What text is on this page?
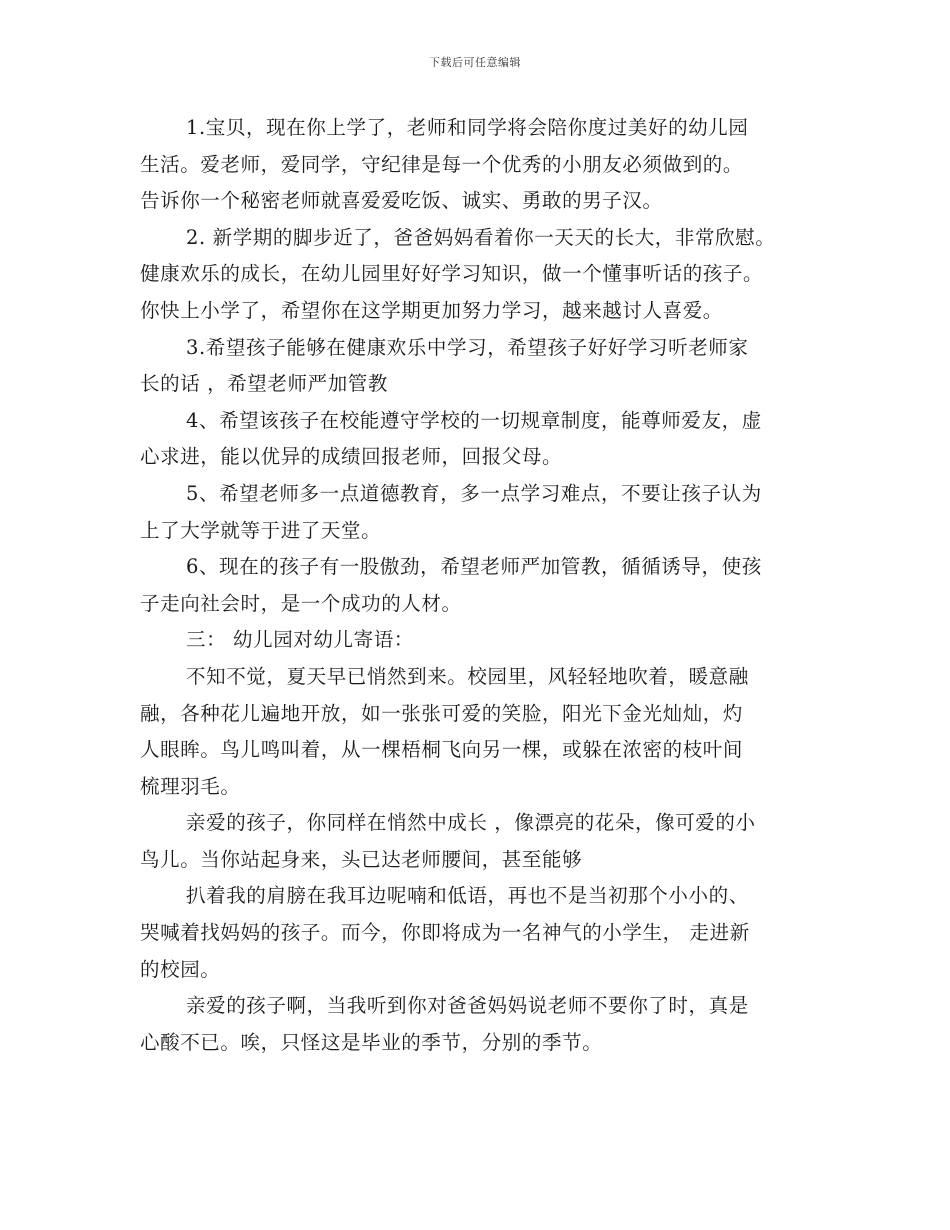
下载后可任意编辑
1.宝贝，现在你上学了，老师和同学将会陪你度过美好的幼儿园
生活。爱老师，爱同学，守纪律是每一个优秀的小朋友必须做到的。
告诉你一个秘密老师就喜爱爱吃饭、诚实、勇敢的男子汉。
2. 新学期的脚步近了，爸爸妈妈看着你一天天的长大，非常欣慰。
健康欢乐的成长，在幼儿园里好好学习知识，做一个懂事听话的孩子。
你快上小学了，希望你在这学期更加努力学习，越来越讨人喜爱。
3.希望孩子能够在健康欢乐中学习，希望孩子好好学习听老师家
长的话 ，希望老师严加管教
4、希望该孩子在校能遵守学校的一切规章制度，能尊师爱友，虚
心求进，能以优异的成绩回报老师，回报父母。
5、希望老师多一点道德教育，多一点学习难点，不要让孩子认为
上了大学就等于进了天堂。
6、现在的孩子有一股傲劲，希望老师严加管教，循循诱导，使孩
子走向社会时，是一个成功的人材。
三： 幼儿园对幼儿寄语：
不知不觉，夏天早已悄然到来。校园里，风轻轻地吹着，暖意融
融，各种花儿遍地开放，如一张张可爱的笑脸，阳光下金光灿灿，灼
人眼眸。鸟儿鸣叫着，从一棵梧桐飞向另一棵，或躲在浓密的枝叶间
梳理羽毛。
亲爱的孩子，你同样在悄然中成长 ，像漂亮的花朵，像可爱的小
鸟儿。当你站起身来，头已达老师腰间，甚至能够
扒着我的肩膀在我耳边呢喃和低语，再也不是当初那个小小的、
哭喊着找妈妈的孩子。而今，你即将成为一名神气的小学生， 走进新
的校园。
亲爱的孩子啊，当我听到你对爸爸妈妈说老师不要你了时，真是
心酸不已。唉，只怪这是毕业的季节，分别的季节。
